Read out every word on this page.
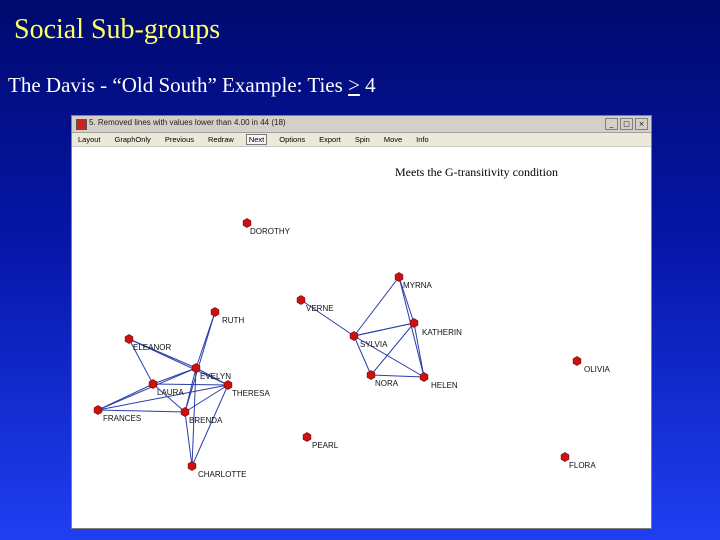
Social Sub-groups
The Davis - “Old South” Example: Ties ≥ 4
5. Removed lines with values lower than 4.00 in 44 (18)	_	□	×
Layout GraphOnly Previous Redraw	Next	Options Export Spin Move Info
Meets the G-transitivity condition
DOROTHY
MYRNA
VERNE
KATHERIN
RUTH
SYLVIA
ELEANOR
OLIVIA
EVELYN
NORA	HELEN
LAURA	THERESA
FRANCES	BRENDA
PEARL
CHARLOTTE
FLORA
